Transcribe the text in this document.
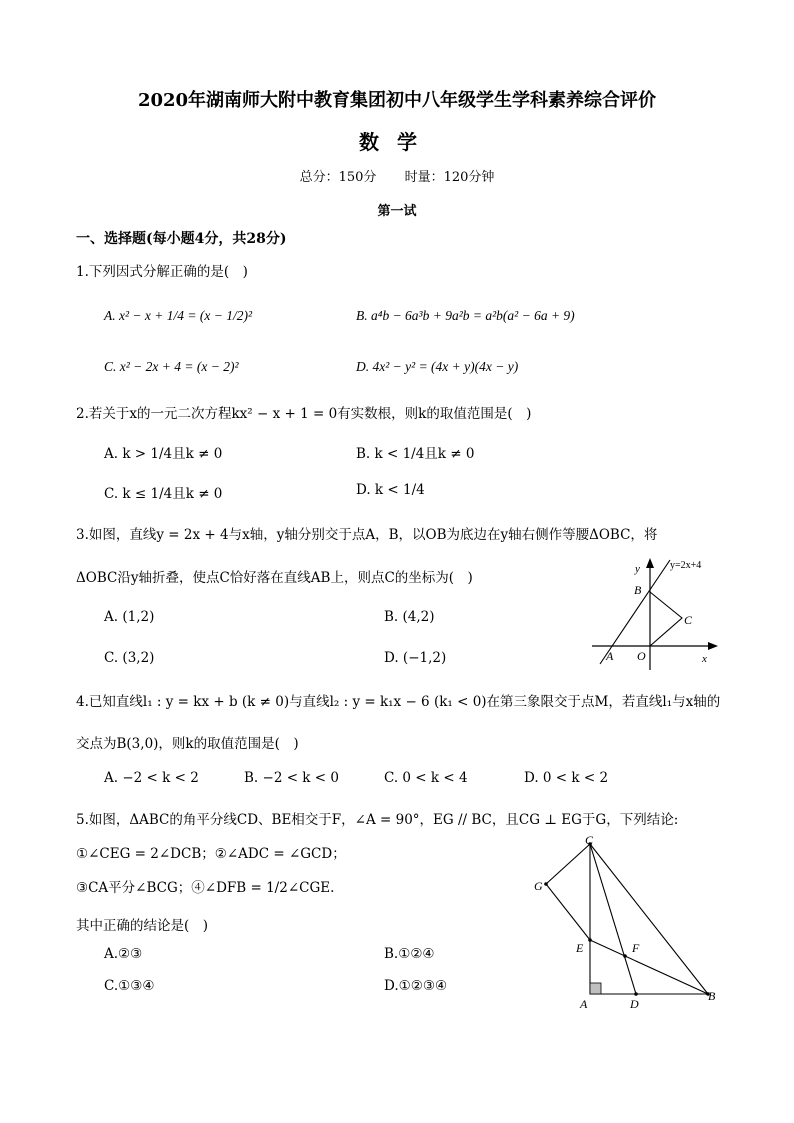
2020年湖南师大附中教育集团初中八年级学生学科素养综合评价
数学
总分：150分 时量：120分钟
第一试
一、选择题(每小题4分，共28分)
1.下列因式分解正确的是(　)
A. x² − x + 1/4 = (x − 1/2)²	B. a⁴b − 6a³b + 9a²b = a²b(a² − 6a + 9)
C. x² − 2x + 4 = (x − 2)²	D. 4x² − y² = (4x + y)(4x − y)
2.若关于x的一元二次方程kx² − x + 1 = 0有实数根，则k的取值范围是(　)
A. k > 1/4且k ≠ 0	B. k < 1/4且k ≠ 0
C. k ≤ 1/4且k ≠ 0	D. k < 1/4
3.如图，直线y = 2x + 4与x轴，y轴分别交于点A，B，以OB为底边在y轴右侧作等腰ΔOBC，将
ΔOBC沿y轴折叠，使点C恰好落在直线AB上，则点C的坐标为(　)
A. (1,2)	B. (4,2)
C. (3,2)	D. (−1,2)
y=2x+4
y
x
B
C
A O
4.已知直线l₁ : y = kx + b (k ≠ 0)与直线l₂ : y = k₁x − 6 (k₁ < 0)在第三象限交于点M，若直线l₁与x轴的
交点为B(3,0)，则k的取值范围是(　)
A. −2 < k < 2	B. −2 < k < 0	C. 0 < k < 4	D. 0 < k < 2
5.如图，ΔABC的角平分线CD、BE相交于F，∠A = 90°，EG // BC，且CG ⊥ EG于G，下列结论:
①∠CEG = 2∠DCB；②∠ADC = ∠GCD；
③CA平分∠BCG；④∠DFB = 1/2∠CGE.
其中正确的结论是(　)
A.②③	B.①②④
C.①③④	D.①②③④
C
G
E	F
A	D
B
